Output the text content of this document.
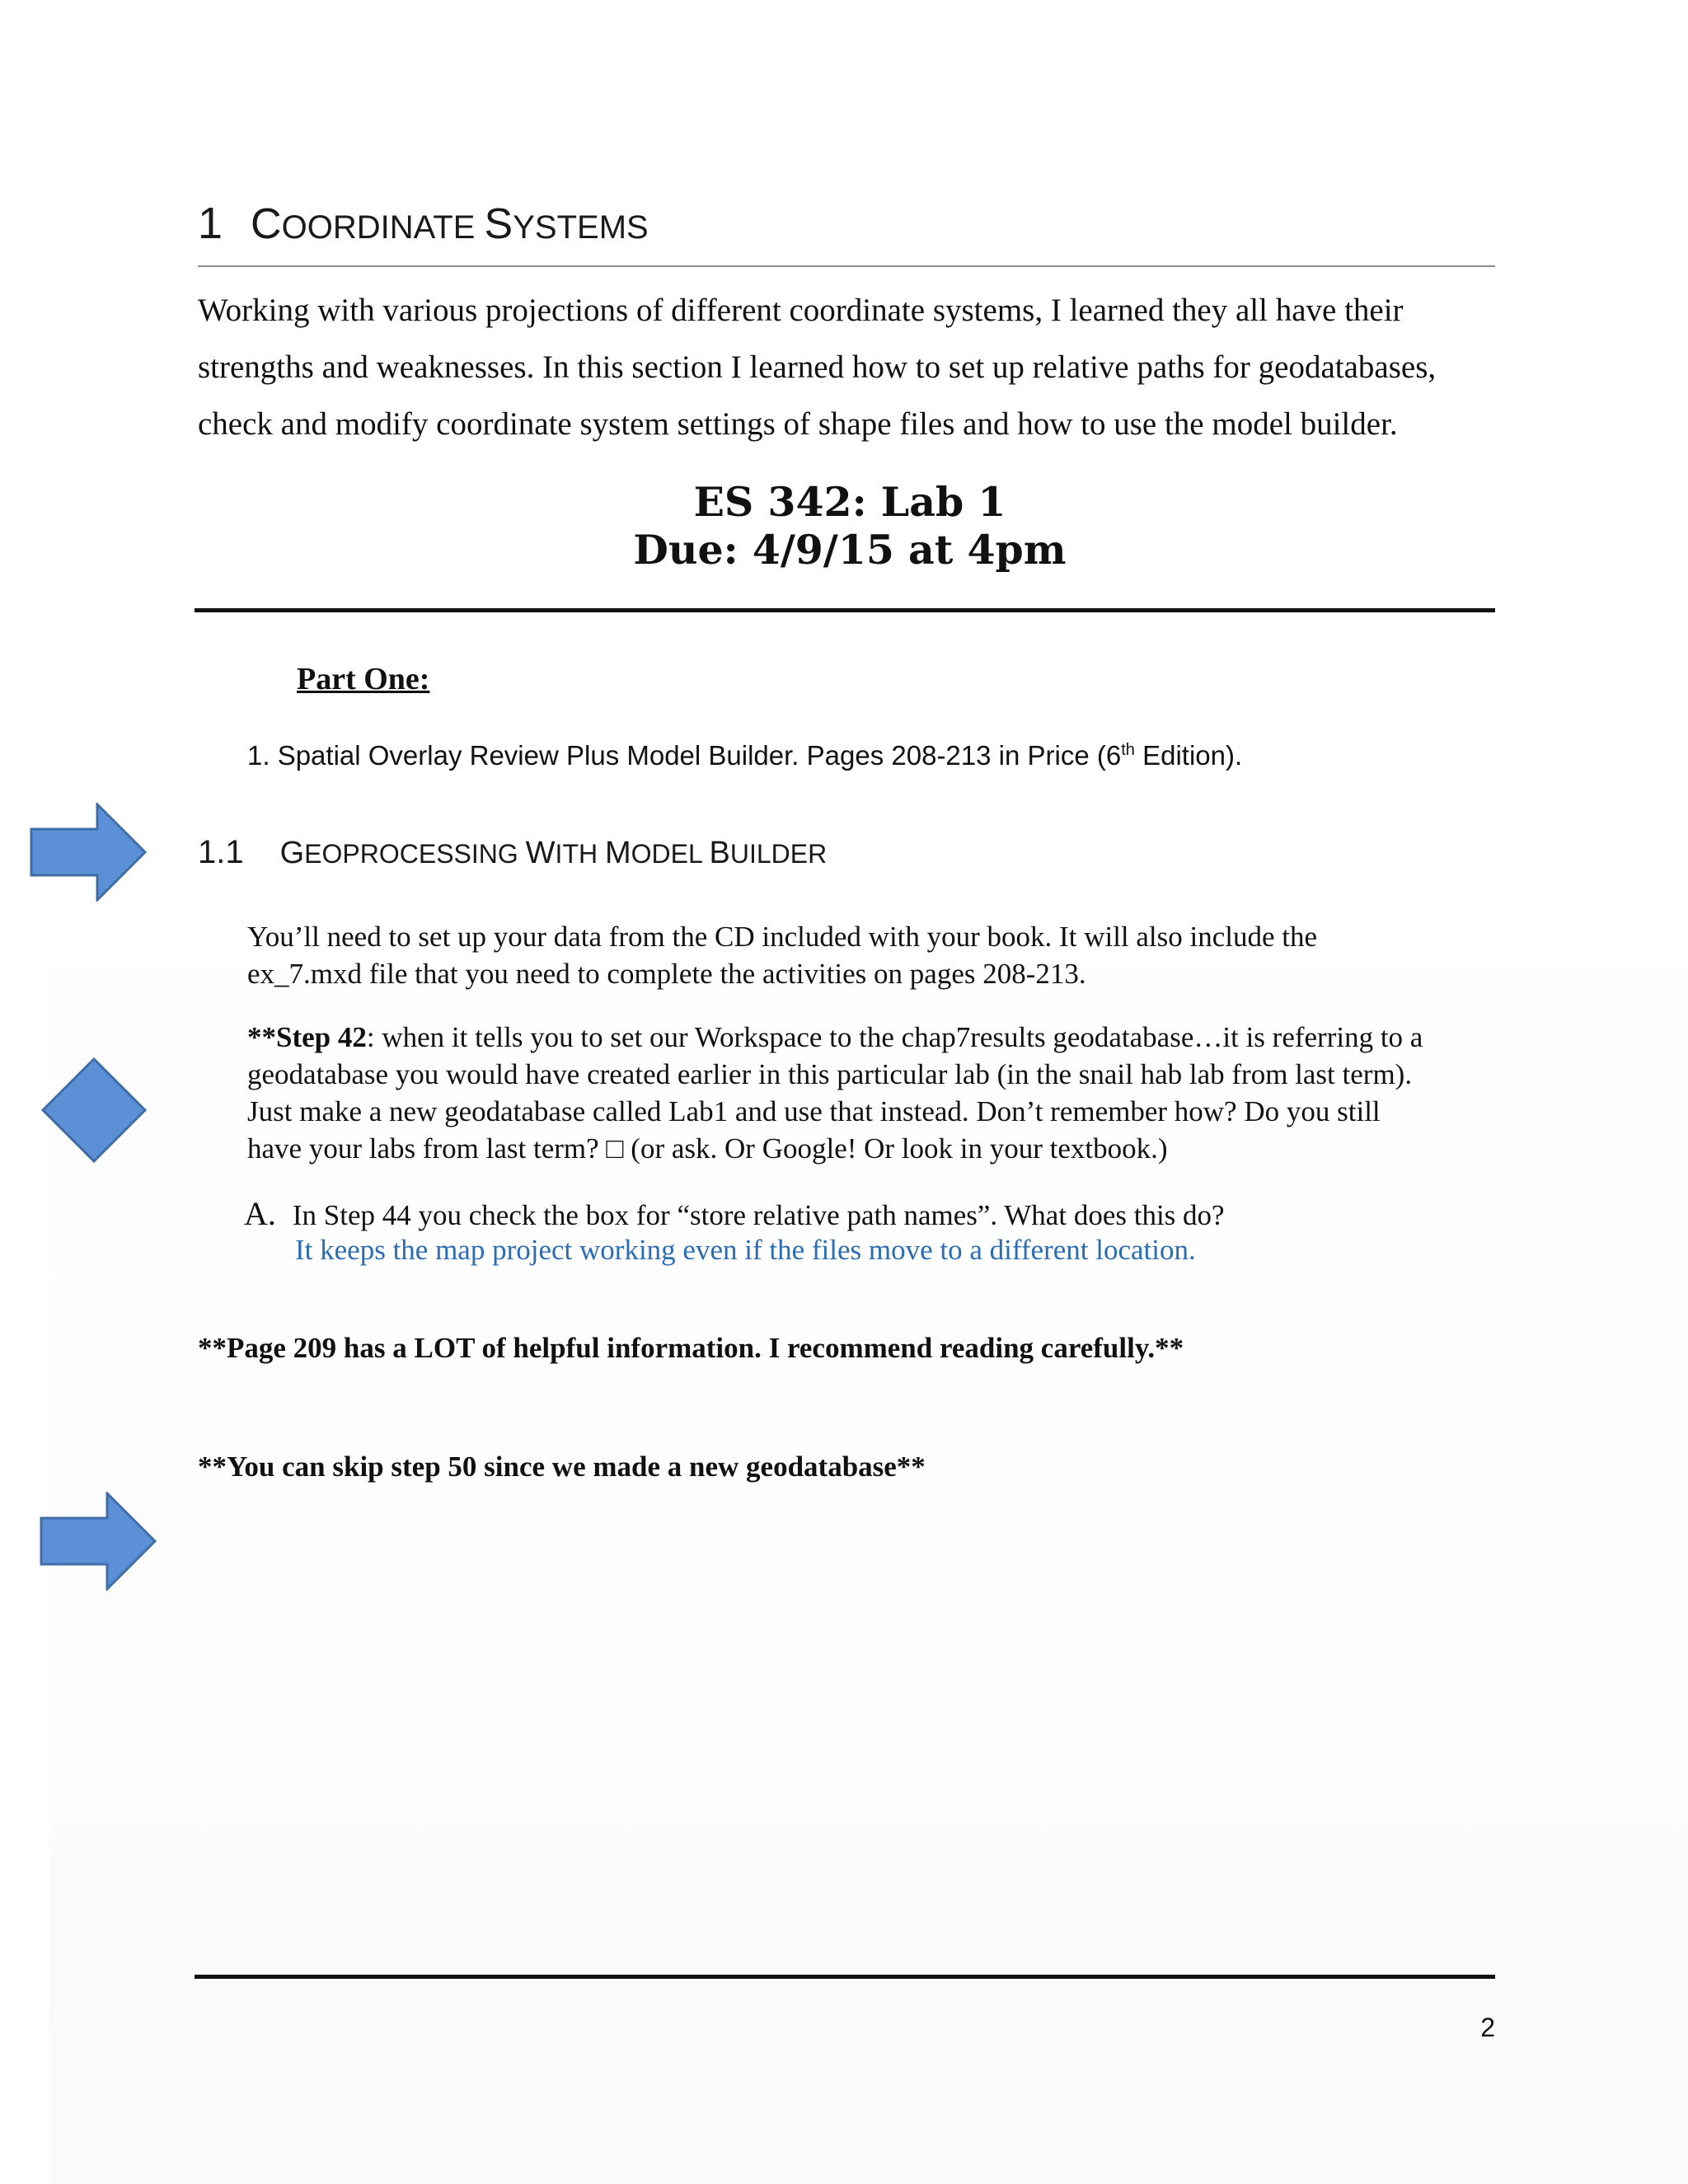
1 COORDINATE SYSTEMS
Working with various projections of different coordinate systems, I learned they all have their
strengths and weaknesses. In this section I learned how to set up relative paths for geodatabases,
check and modify coordinate system settings of shape files and how to use the model builder.
ES 342: Lab 1
Due: 4/9/15 at 4pm
Part One:
1. Spatial Overlay Review Plus Model Builder. Pages 208-213 in Price (6th Edition).
1.1 GEOPROCESSING WITH MODEL BUILDER
You’ll need to set up your data from the CD included with your book. It will also include the
ex_7.mxd file that you need to complete the activities on pages 208-213.
**Step 42: when it tells you to set our Workspace to the chap7results geodatabase…it is referring to a
geodatabase you would have created earlier in this particular lab (in the snail hab lab from last term).
Just make a new geodatabase called Lab1 and use that instead. Don’t remember how? Do you still
have your labs from last term? □ (or ask. Or Google! Or look in your textbook.)
A. In Step 44 you check the box for “store relative path names”. What does this do?
It keeps the map project working even if the files move to a different location.
**Page 209 has a LOT of helpful information. I recommend reading carefully.**
**You can skip step 50 since we made a new geodatabase**
2
